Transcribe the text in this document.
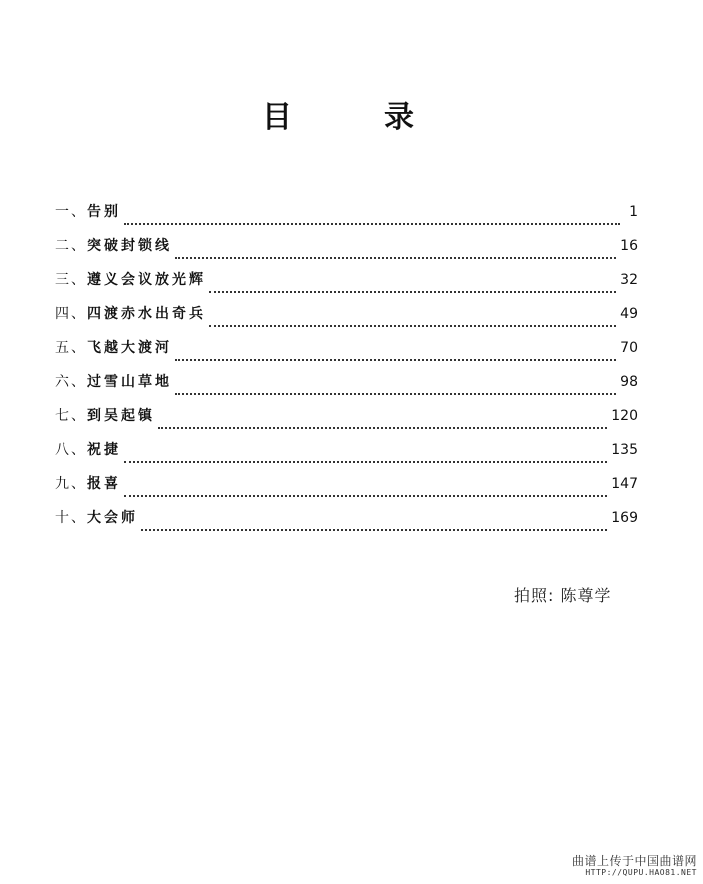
目	录
一、 告别	1
二、 突破封锁线	16
三、 遵义会议放光辉	32
四、 四渡赤水出奇兵	49
五、 飞越大渡河	70
六、 过雪山草地	98
七、 到吴起镇	120
八、 祝捷	135
九、 报喜	147
十、 大会师	169
拍照: 陈尊学
曲谱上传于中国曲谱网
HTTP://QUPU.HAO81.NET
